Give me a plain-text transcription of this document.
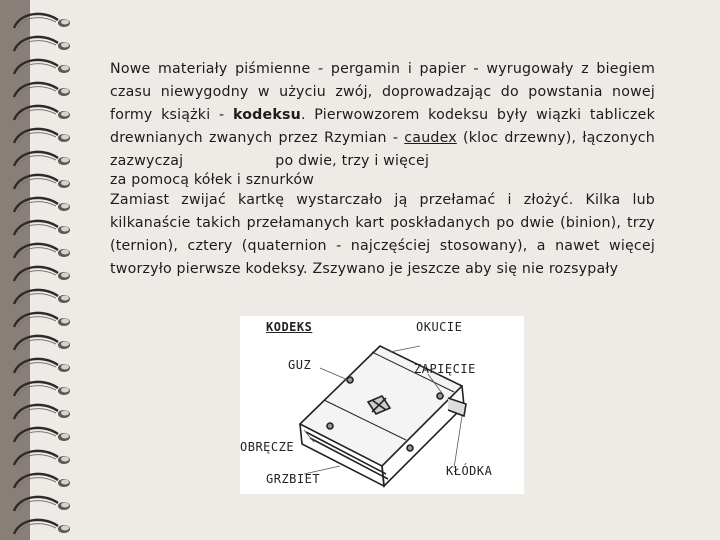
Nowe materiały piśmienne - pergamin i papier - wyrugowały z biegiem czasu niewygodny w użyciu zwój, doprowadzając do powstania nowej formy książki - kodeksu. Pierwowzorem kodeksu były wiązki tabliczek drewnianych zwanych przez Rzymian - caudex (kloc drzewny), łączonych zazwyczaj	po dwie, trzy i więcej
za pomocą kółek i sznurków
Zamiast zwijać kartkę wystarczało ją przełamać i złożyć. Kilka lub kilkanaście takich przełamanych kart poskładanych po dwie (binion), trzy (ternion), cztery (quaternion - najczęściej stosowany), a nawet więcej tworzyło pierwsze kodeksy. Zszywano je jeszcze aby się nie rozsypały
KODEKS	OKUCIE
GUZ	ZAPIĘCIE
OBRĘCZE
GRZBIET
KŁÓDKA
